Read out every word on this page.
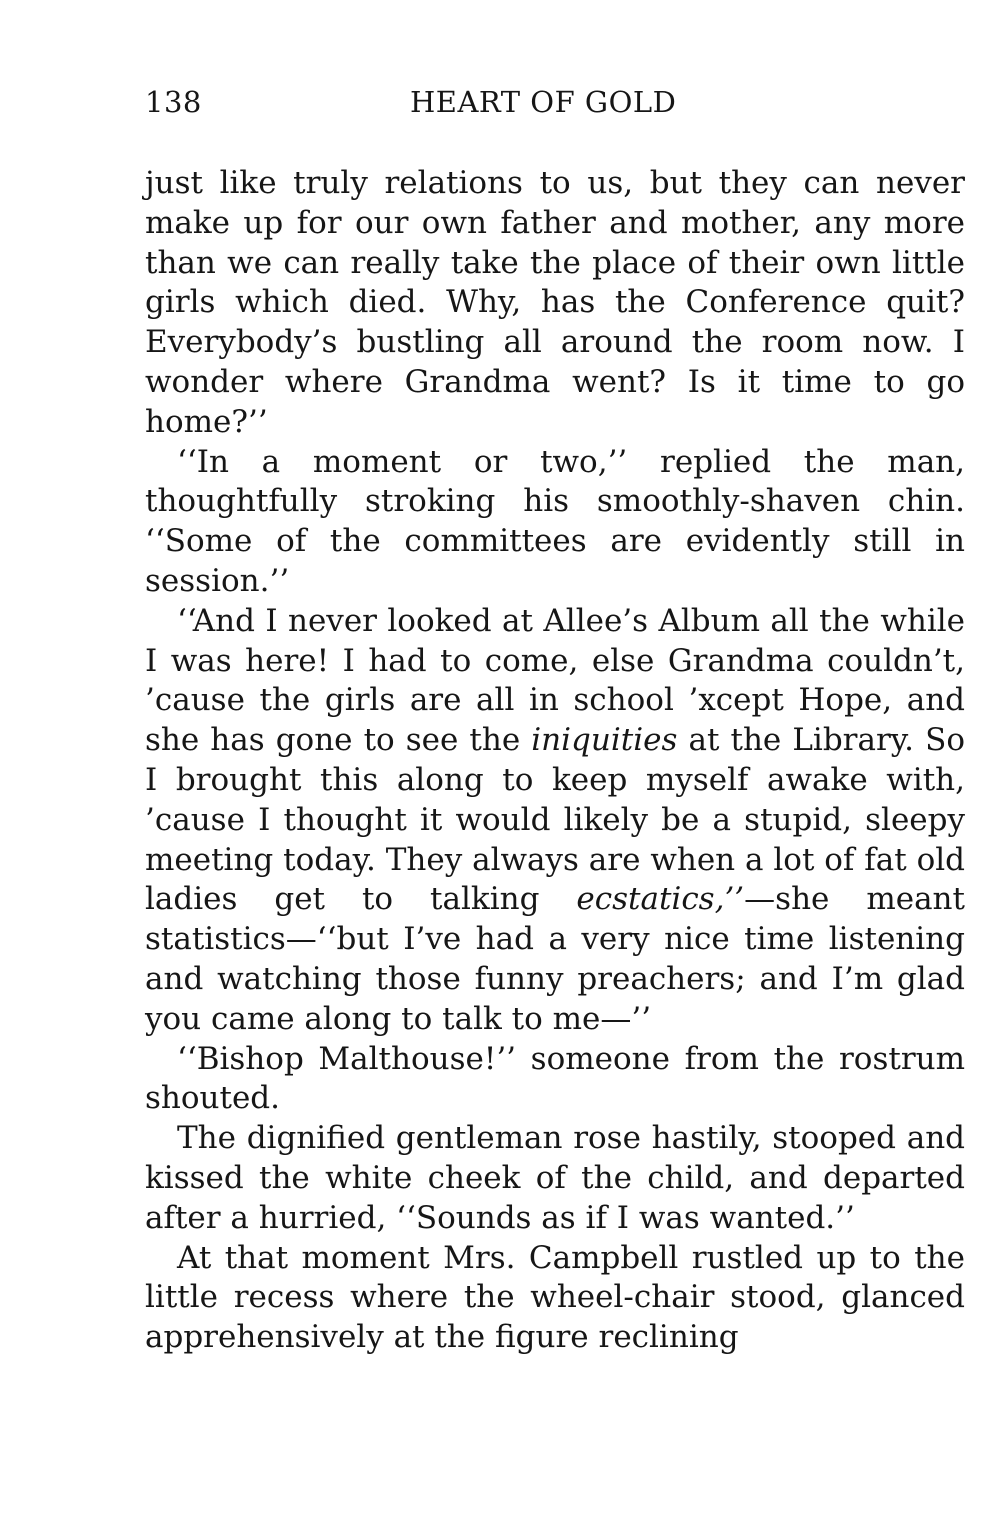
138	HEART OF GOLD

just like truly relations to us, but they can never make up for our own father and mother, any more than we can really take the place of their own little girls which died. Why, has the Conference quit? Everybody’s bustling all around the room now. I wonder where Grandma went? Is it time to go home?’’

‘‘In a moment or two,’’ replied the man, thoughtfully stroking his smoothly-shaven chin. ‘‘Some of the committees are evidently still in session.’’

‘‘And I never looked at Allee’s Album all the while I was here! I had to come, else Grandma couldn’t, ’cause the girls are all in school ’xcept Hope, and she has gone to see the iniquities at the Library. So I brought this along to keep myself awake with, ’cause I thought it would likely be a stupid, sleepy meeting today. They always are when a lot of fat old ladies get to talking ecstatics,’’—she meant statistics—‘‘but I’ve had a very nice time listening and watching those funny preachers; and I’m glad you came along to talk to me—’’

‘‘Bishop Malthouse!’’ someone from the rostrum shouted.

The dignified gentleman rose hastily, stooped and kissed the white cheek of the child, and departed after a hurried, ‘‘Sounds as if I was wanted.’’

At that moment Mrs. Campbell rustled up to the little recess where the wheel-chair stood, glanced apprehensively at the figure reclining
